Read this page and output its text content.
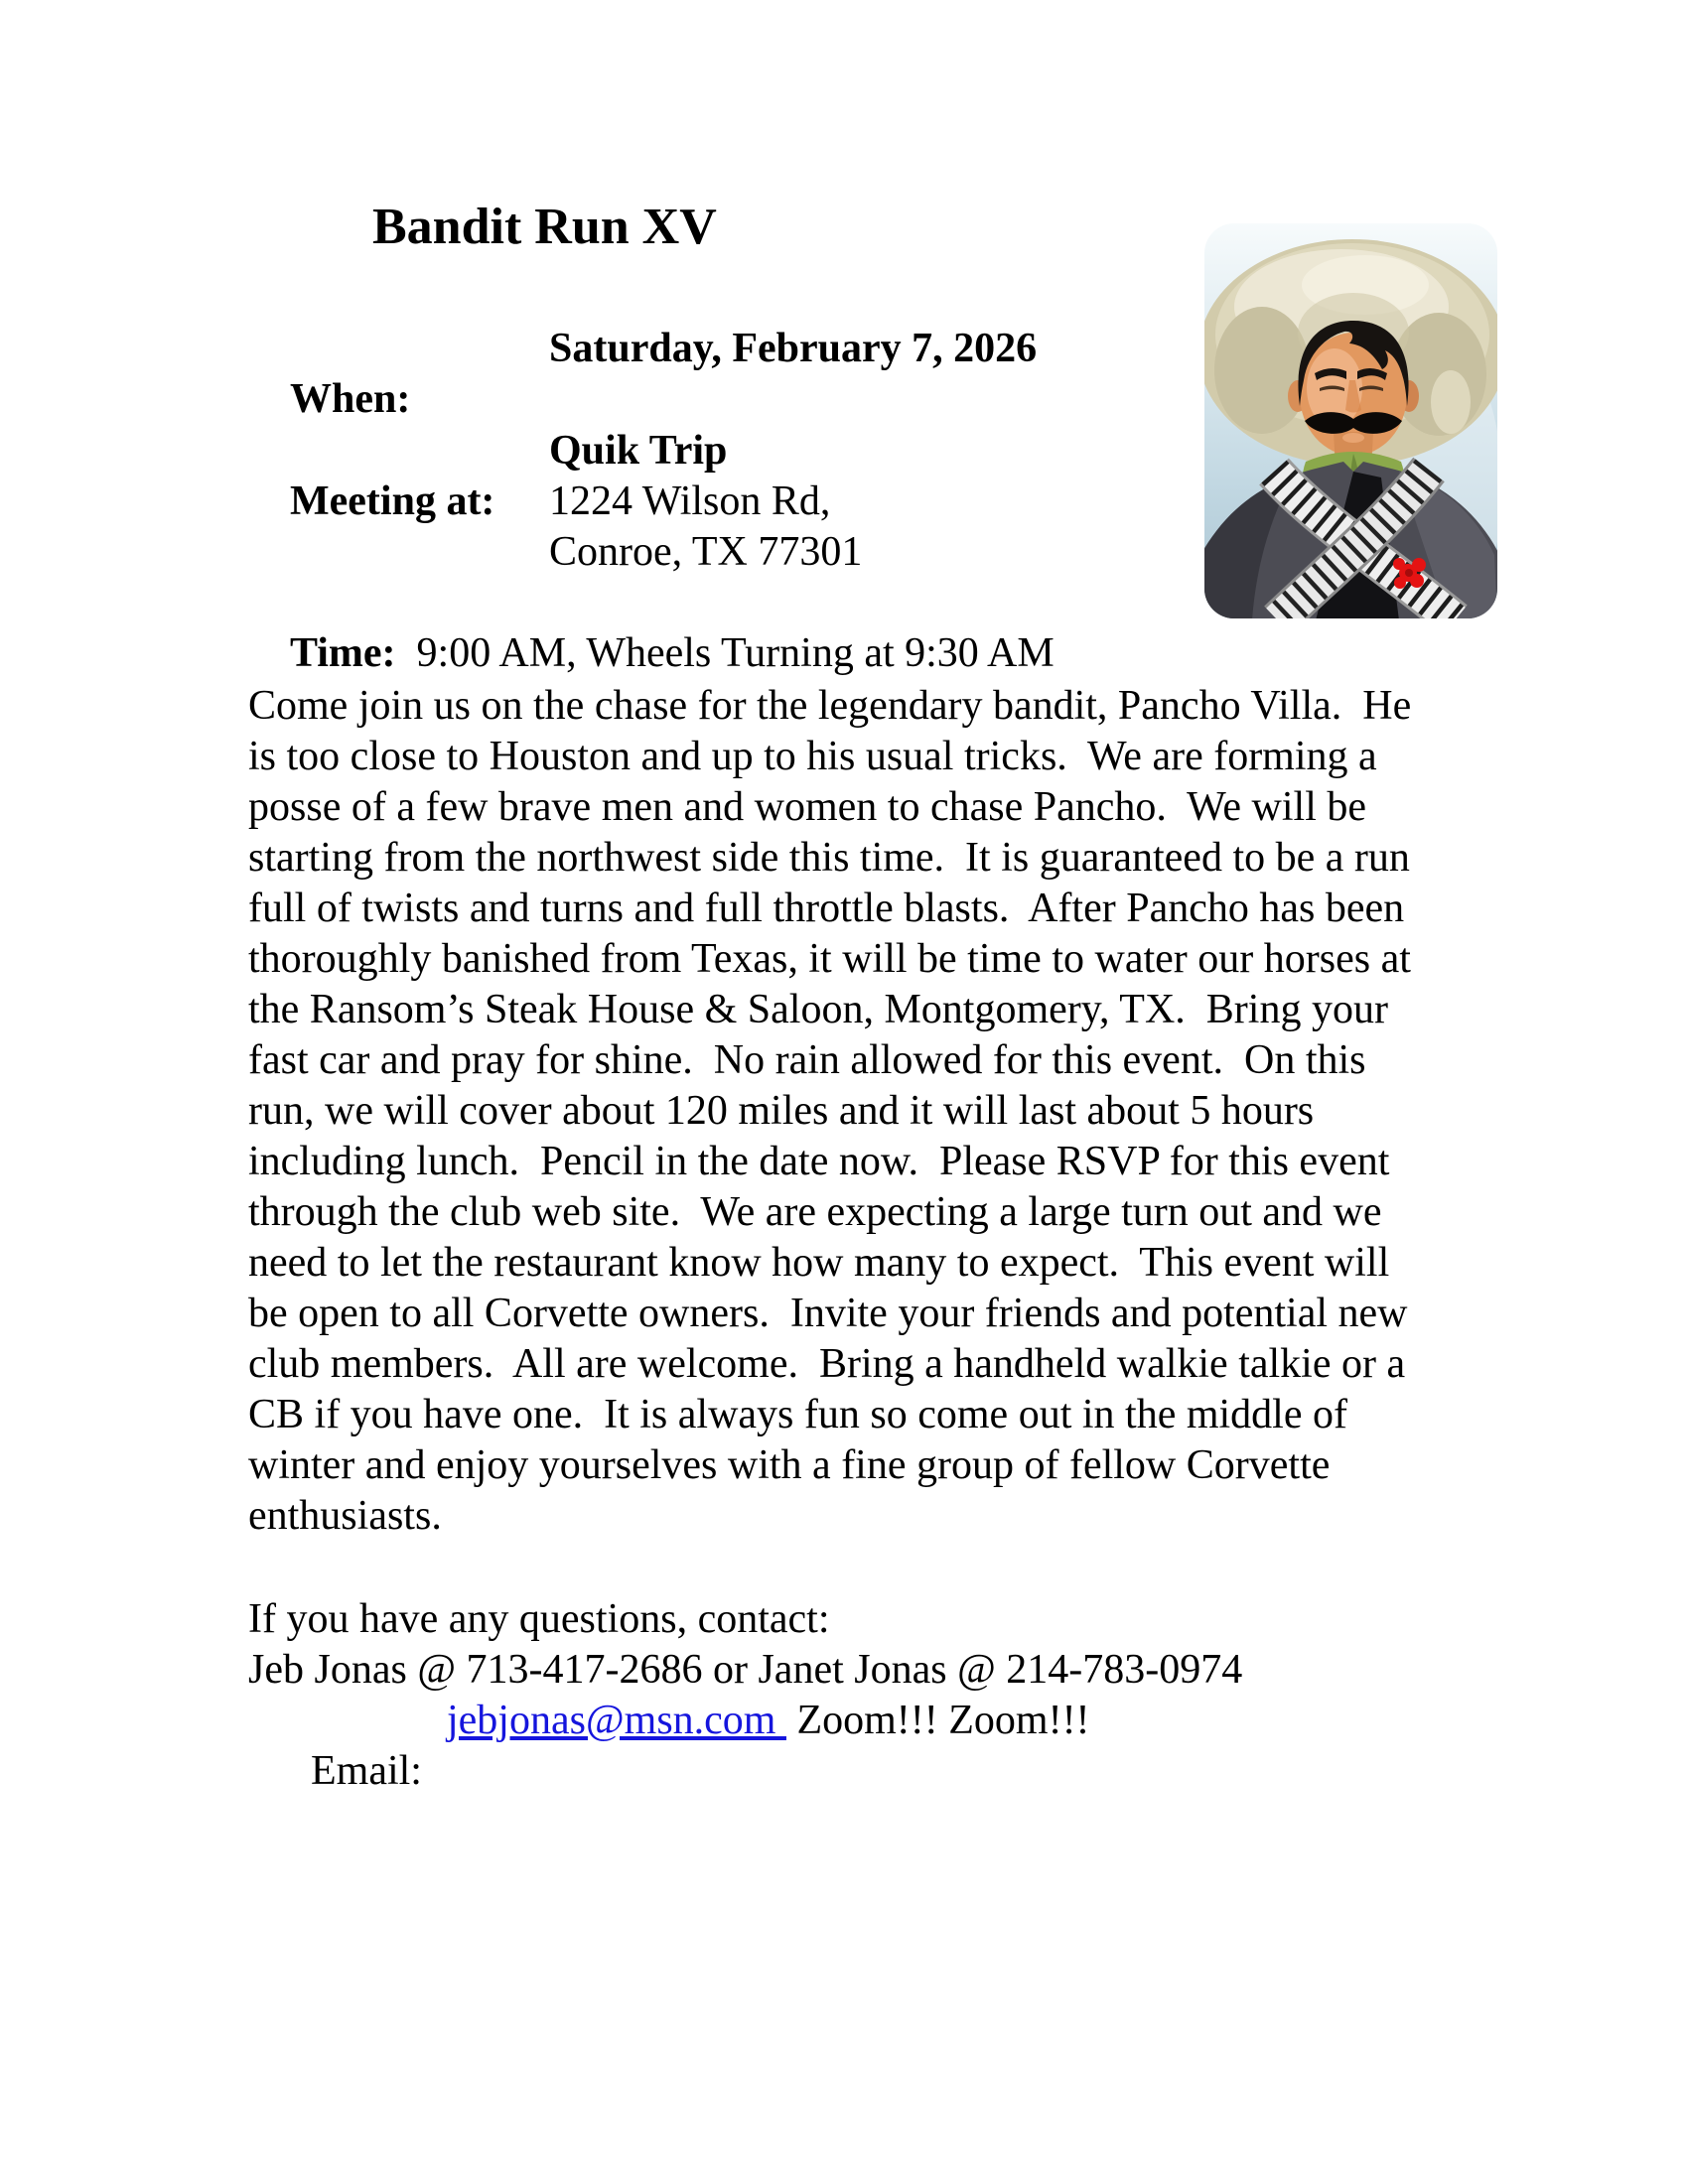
Bandit Run XV

When:

Saturday, February 7, 2026

Meeting at:

Quik Trip

1224 Wilson Rd,

Conroe, TX 77301

Time:  9:00 AM, Wheels Turning at 9:30 AM

Come join us on the chase for the legendary bandit, Pancho Villa.  He
is too close to Houston and up to his usual tricks.  We are forming a
posse of a few brave men and women to chase Pancho.  We will be
starting from the northwest side this time.  It is guaranteed to be a run
full of twists and turns and full throttle blasts.  After Pancho has been
thoroughly banished from Texas, it will be time to water our horses at
the Ransom’s Steak House & Saloon, Montgomery, TX.  Bring your
fast car and pray for shine.  No rain allowed for this event.  On this
run, we will cover about 120 miles and it will last about 5 hours
including lunch.  Pencil in the date now.  Please RSVP for this event
through the club web site.  We are expecting a large turn out and we
need to let the restaurant know how many to expect.  This event will
be open to all Corvette owners.  Invite your friends and potential new
club members.  All are welcome.  Bring a handheld walkie talkie or a
CB if you have one.  It is always fun so come out in the middle of
winter and enjoy yourselves with a fine group of fellow Corvette
enthusiasts.
If you have any questions, contact:
Jeb Jonas @ 713-417-2686 or Janet Jonas @ 214-783-0974

Email:

jebjonas@msn.com  Zoom!!! Zoom!!!
